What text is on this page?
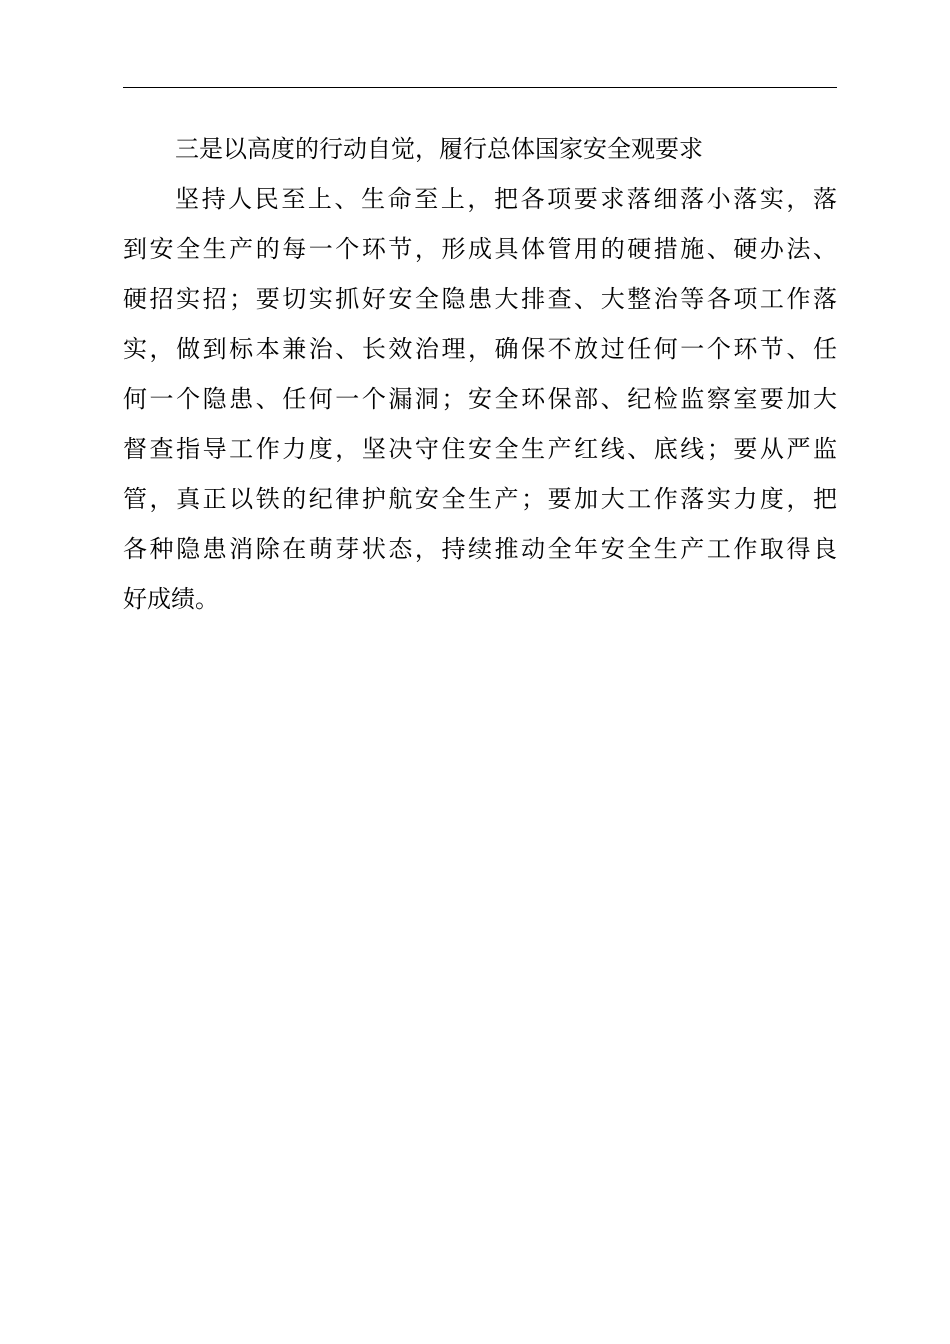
三是以高度的行动自觉，履行总体国家安全观要求
坚持人民至上、生命至上，把各项要求落细落小落实，落
到安全生产的每一个环节，形成具体管用的硬措施、硬办法、
硬招实招；要切实抓好安全隐患大排查、大整治等各项工作落
实，做到标本兼治、长效治理，确保不放过任何一个环节、任
何一个隐患、任何一个漏洞；安全环保部、纪检监察室要加大
督查指导工作力度，坚决守住安全生产红线、底线；要从严监
管，真正以铁的纪律护航安全生产；要加大工作落实力度，把
各种隐患消除在萌芽状态，持续推动全年安全生产工作取得良
好成绩。
